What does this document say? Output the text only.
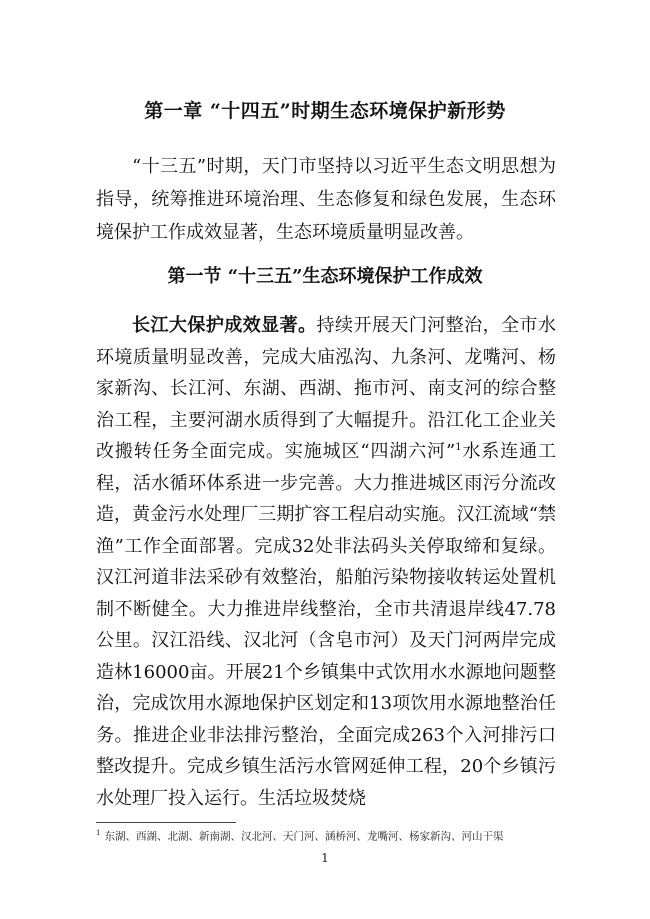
第一章 “十四五”时期生态环境保护新形势

“十三五”时期，天门市坚持以习近平生态文明思想为指导，统筹推进环境治理、生态修复和绿色发展，生态环境保护工作成效显著，生态环境质量明显改善。

第一节 “十三五”生态环境保护工作成效

长江大保护成效显著。持续开展天门河整治，全市水环境质量明显改善，完成大庙泓沟、九条河、龙嘴河、杨家新沟、长江河、东湖、西湖、拖市河、南支河的综合整治工程，主要河湖水质得到了大幅提升。沿江化工企业关改搬转任务全面完成。实施城区“四湖六河”$^1$水系连通工程，活水循环体系进一步完善。大力推进城区雨污分流改造，黄金污水处理厂三期扩容工程启动实施。汉江流域“禁渔”工作全面部署。完成32处非法码头关停取缔和复绿。汉江河道非法采砂有效整治，船舶污染物接收转运处置机制不断健全。大力推进岸线整治，全市共清退岸线47.78公里。汉江沿线、汉北河（含皂市河）及天门河两岸完成造林16000亩。开展21个乡镇集中式饮用水水源地问题整治，完成饮用水源地保护区划定和13项饮用水源地整治任务。推进企业非法排污整治，全面完成263个入河排污口整改提升。完成乡镇生活污水管网延伸工程，20个乡镇污水处理厂投入运行。生活垃圾焚烧

$^1$ 东湖、西湖、北湖、新南湖、汉北河、天门河、涵桥河、龙嘴河、杨家新沟、河山干渠
1
